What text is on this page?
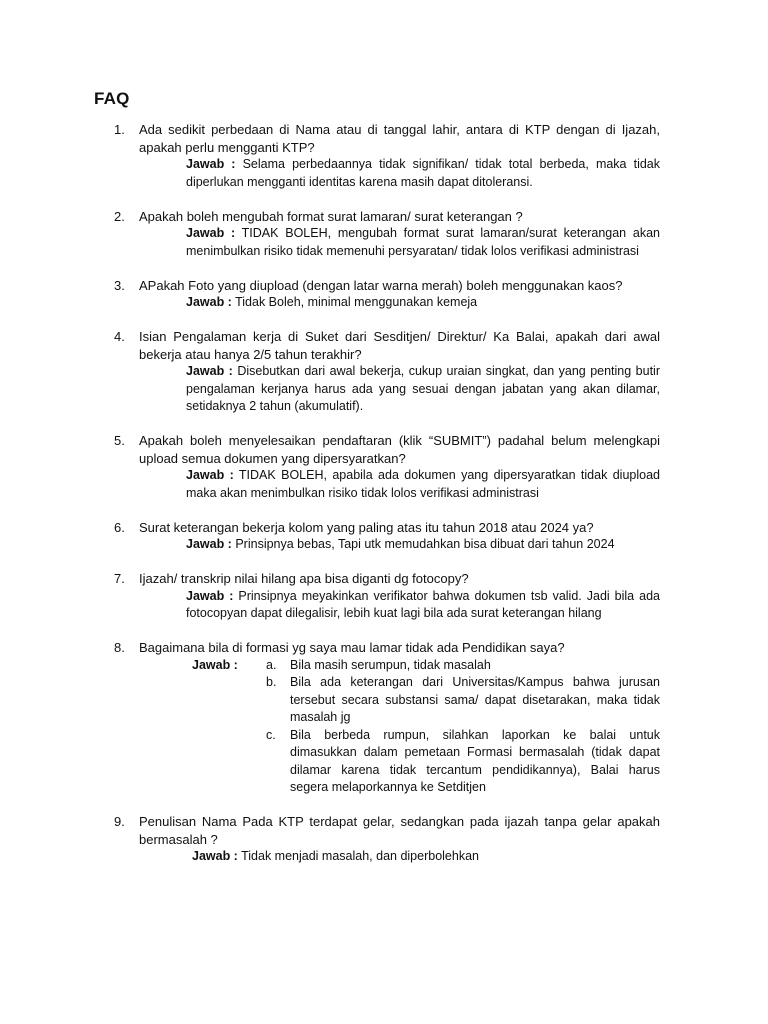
FAQ
1. Ada sedikit perbedaan di Nama atau di tanggal lahir, antara di KTP dengan di Ijazah, apakah perlu mengganti KTP?
Jawab : Selama perbedaannya tidak signifikan/ tidak total berbeda, maka tidak diperlukan mengganti identitas karena masih dapat ditoleransi.
2. Apakah boleh mengubah format surat lamaran/ surat keterangan ?
Jawab : TIDAK BOLEH, mengubah format surat lamaran/surat keterangan akan menimbulkan risiko tidak memenuhi persyaratan/ tidak lolos verifikasi administrasi
3. APakah Foto yang diupload (dengan latar warna merah) boleh menggunakan kaos?
Jawab : Tidak Boleh, minimal menggunakan kemeja
4. Isian Pengalaman kerja di Suket dari Sesditjen/ Direktur/ Ka Balai, apakah dari awal bekerja atau hanya 2/5 tahun terakhir?
Jawab : Disebutkan dari awal bekerja, cukup uraian singkat, dan yang penting butir pengalaman kerjanya harus ada yang sesuai dengan jabatan yang akan dilamar, setidaknya 2 tahun (akumulatif).
5. Apakah boleh menyelesaikan pendaftaran (klik “SUBMIT”) padahal belum melengkapi upload semua dokumen yang dipersyaratkan?
Jawab : TIDAK BOLEH, apabila ada dokumen yang dipersyaratkan tidak diupload maka akan menimbulkan risiko tidak lolos verifikasi administrasi
6. Surat keterangan bekerja kolom yang paling atas itu tahun 2018 atau 2024 ya?
Jawab : Prinsipnya bebas, Tapi utk memudahkan bisa dibuat dari tahun 2024
7. Ijazah/ transkrip nilai hilang apa bisa diganti dg fotocopy?
Jawab : Prinsipnya meyakinkan verifikator bahwa dokumen tsb valid. Jadi bila ada fotocopyan dapat dilegalisir, lebih kuat lagi bila ada surat keterangan hilang
8. Bagaimana bila di formasi yg saya mau lamar tidak ada Pendidikan saya?
Jawab : a. Bila masih serumpun, tidak masalah
b. Bila ada keterangan dari Universitas/Kampus bahwa jurusan tersebut secara substansi sama/ dapat disetarakan, maka tidak masalah jg
c. Bila berbeda rumpun, silahkan laporkan ke balai untuk dimasukkan dalam pemetaan Formasi bermasalah (tidak dapat dilamar karena tidak tercantum pendidikannya), Balai harus segera melaporkannya ke Setditjen
9. Penulisan Nama Pada KTP terdapat gelar, sedangkan pada ijazah tanpa gelar apakah bermasalah ?
Jawab : Tidak menjadi masalah, dan diperbolehkan
